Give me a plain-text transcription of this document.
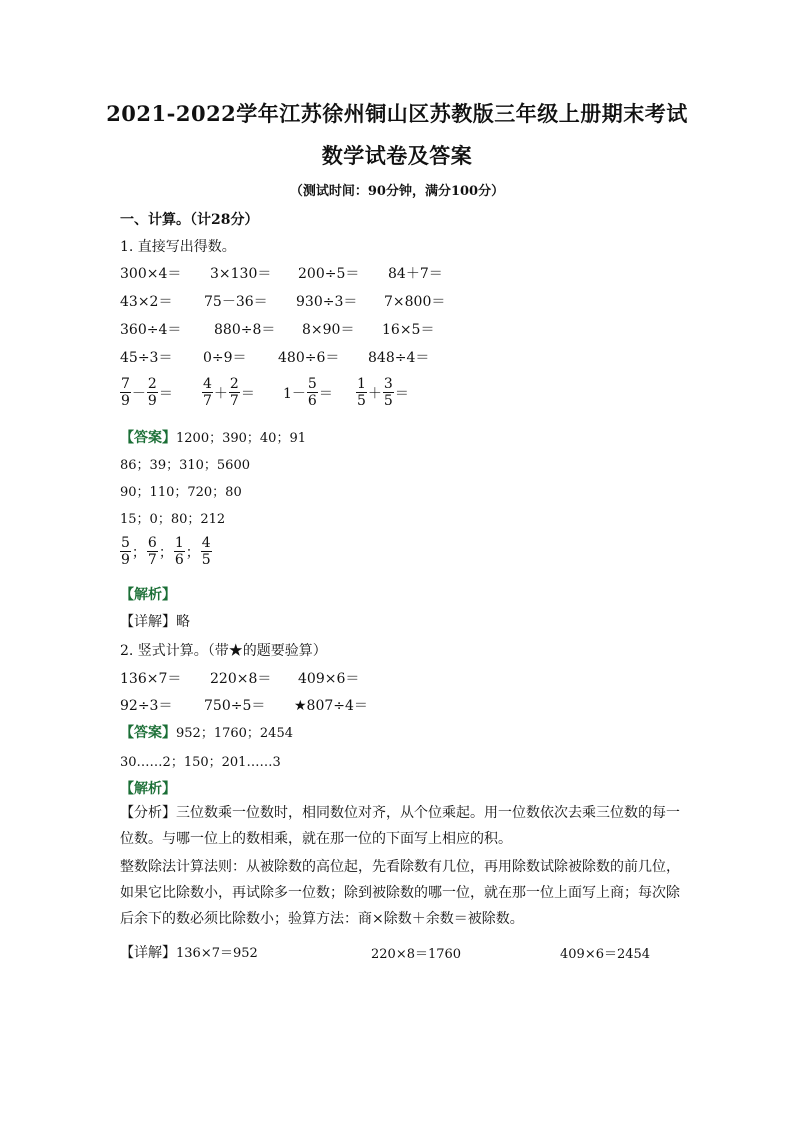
2021-2022学年江苏徐州铜山区苏教版三年级上册期末考试
数学试卷及答案
（测试时间：90分钟，满分100分）
一、计算。（计28分）
1. 直接写出得数。
300×4＝ 3×130＝ 200÷5＝ 84＋7＝
43×2＝ 75－36＝ 930÷3＝ 7×800＝
360÷4＝ 880÷8＝ 8×90＝ 16×5＝
45÷3＝ 0÷9＝ 480÷6＝ 848÷4＝
$\frac{7}{9} - \frac{2}{9} = \frac{4}{7} + \frac{2}{7} = 1- \frac{5}{6} = \frac{1}{5} + \frac{3}{5}$ ＝
【答案】1200；390；40；91
86；39；310；5600
90；110；720；80
15；0；80；212
$\frac{5}{9}$ ； $\frac{6}{7}$ ； $\frac{1}{6}$ ； $\frac{4}{5}$
【解析】
【详解】略
2. 竖式计算。（带★的题要验算）
136×7＝ 220×8＝ 409×6＝
92÷3＝ 750÷5＝ ★807÷4＝
【答案】952；1760；2454
30……2；150；201……3
【解析】
【分析】三位数乘一位数时，相同数位对齐，从个位乘起。用一位数依次去乘三位数的每一位数。与哪一位上的数相乘，就在那一位的下面写上相应的积。
整数除法计算法则：从被除数的高位起，先看除数有几位，再用除数试除被除数的前几位，如果它比除数小，再试除多一位数；除到被除数的哪一位，就在那一位上面写上商；每次除后余下的数必须比除数小；验算方法：商×除数＋余数＝被除数。
【详解】136×7＝952	220×8＝1760	409×6＝2454
